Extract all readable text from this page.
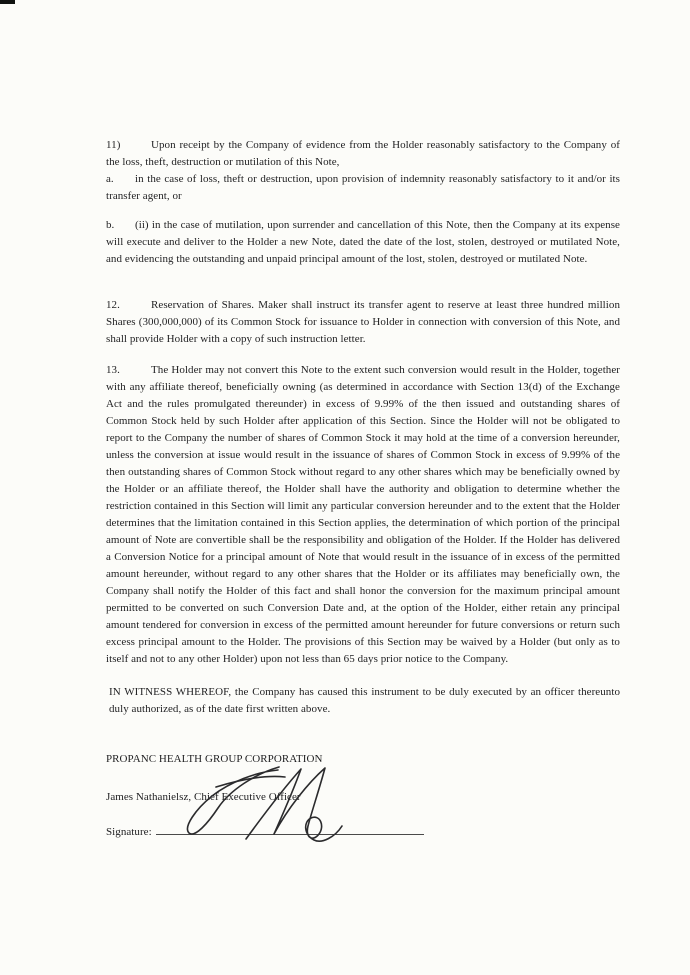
11)	Upon receipt by the Company of evidence from the Holder reasonably satisfactory to the Company of the loss, theft, destruction or mutilation of this Note,

a. in the case of loss, theft or destruction, upon provision of indemnity reasonably satisfactory to it and/or its transfer agent, or

b. (ii) in the case of mutilation, upon surrender and cancellation of this Note, then the Company at its expense will execute and deliver to the Holder a new Note, dated the date of the lost, stolen, destroyed or mutilated Note, and evidencing the outstanding and unpaid principal amount of the lost, stolen, destroyed or mutilated Note.

12.	Reservation of Shares. Maker shall instruct its transfer agent to reserve at least three hundred million Shares (300,000,000) of its Common Stock for issuance to Holder in connection with conversion of this Note, and shall provide Holder with a copy of such instruction letter.

13.	The Holder may not convert this Note to the extent such conversion would result in the Holder, together with any affiliate thereof, beneficially owning (as determined in accordance with Section 13(d) of the Exchange Act and the rules promulgated thereunder) in excess of 9.99% of the then issued and outstanding shares of Common Stock held by such Holder after application of this Section. Since the Holder will not be obligated to report to the Company the number of shares of Common Stock it may hold at the time of a conversion hereunder, unless the conversion at issue would result in the issuance of shares of Common Stock in excess of 9.99% of the then outstanding shares of Common Stock without regard to any other shares which may be beneficially owned by the Holder or an affiliate thereof, the Holder shall have the authority and obligation to determine whether the restriction contained in this Section will limit any particular conversion hereunder and to the extent that the Holder determines that the limitation contained in this Section applies, the determination of which portion of the principal amount of Note are convertible shall be the responsibility and obligation of the Holder. If the Holder has delivered a Conversion Notice for a principal amount of Note that would result in the issuance of in excess of the permitted amount hereunder, without regard to any other shares that the Holder or its affiliates may beneficially own, the Company shall notify the Holder of this fact and shall honor the conversion for the maximum principal amount permitted to be converted on such Conversion Date and, at the option of the Holder, either retain any principal amount tendered for conversion in excess of the permitted amount hereunder for future conversions or return such excess principal amount to the Holder. The provisions of this Section may be waived by a Holder (but only as to itself and not to any other Holder) upon not less than 65 days prior notice to the Company.

IN WITNESS WHEREOF, the Company has caused this instrument to be duly executed by an officer thereunto duly authorized, as of the date first written above.

PROPANC HEALTH GROUP CORPORATION

James Nathanielsz, Chief Executive Officer

Signature:
